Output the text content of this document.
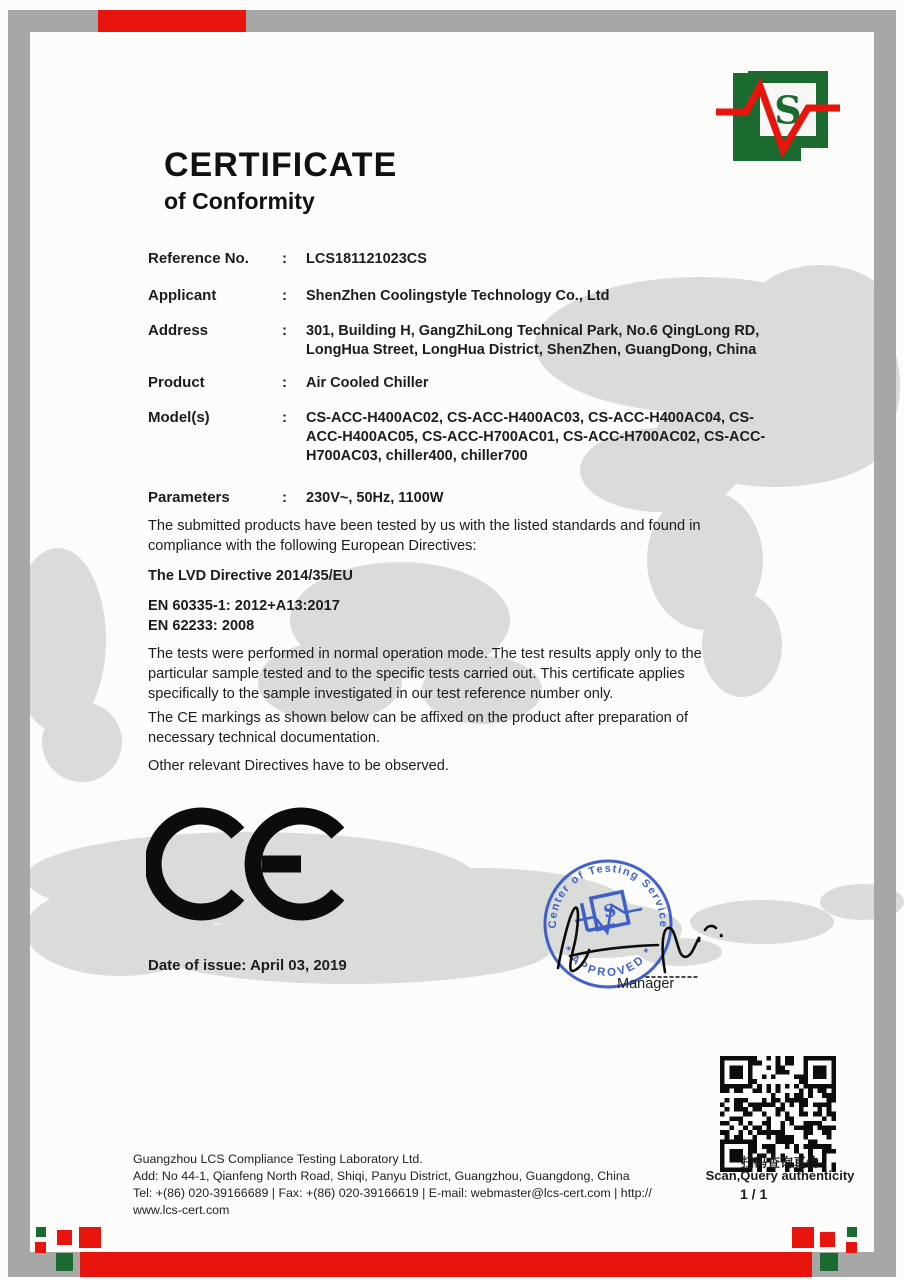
S
CERTIFICATE
of Conformity
Reference No.	:	LCS181121023CS
Applicant	:	ShenZhen Coolingstyle Technology Co., Ltd
Address	:	301, Building H, GangZhiLong Technical Park, No.6 QingLong RD, LongHua Street, LongHua District, ShenZhen, GuangDong, China
Product	:	Air Cooled Chiller
Model(s)	:	CS-ACC-H400AC02, CS-ACC-H400AC03, CS-ACC-H400AC04, CS-ACC-H400AC05, CS-ACC-H700AC01, CS-ACC-H700AC02, CS-ACC-H700AC03, chiller400, chiller700
Parameters	:	230V~, 50Hz, 1100W
The submitted products have been tested by us with the listed standards and found in compliance with the following European Directives:
The LVD Directive 2014/35/EU
EN 60335-1: 2012+A13:2017
EN 62233: 2008
The tests were performed in normal operation mode. The test results apply only to the particular sample tested and to the specific tests carried out. This certificate applies specifically to the sample investigated in our test reference number only.
The CE markings as shown below can be affixed on the product after preparation of necessary technical documentation.
Other relevant Directives have to be observed.
Date of issue: April 03, 2019
Center of Testing Service
* APPROVED *
S
Manager
扫码查询真伪
Scan,Query authenticity
Guangzhou LCS Compliance Testing Laboratory Ltd.
Add: No 44-1, Qianfeng North Road, Shiqi, Panyu District, Guangzhou, Guangdong, China
Tel: +(86) 020-39166689 | Fax: +(86) 020-39166619 | E-mail: webmaster@lcs-cert.com | http:// www.lcs-cert.com
1 / 1
